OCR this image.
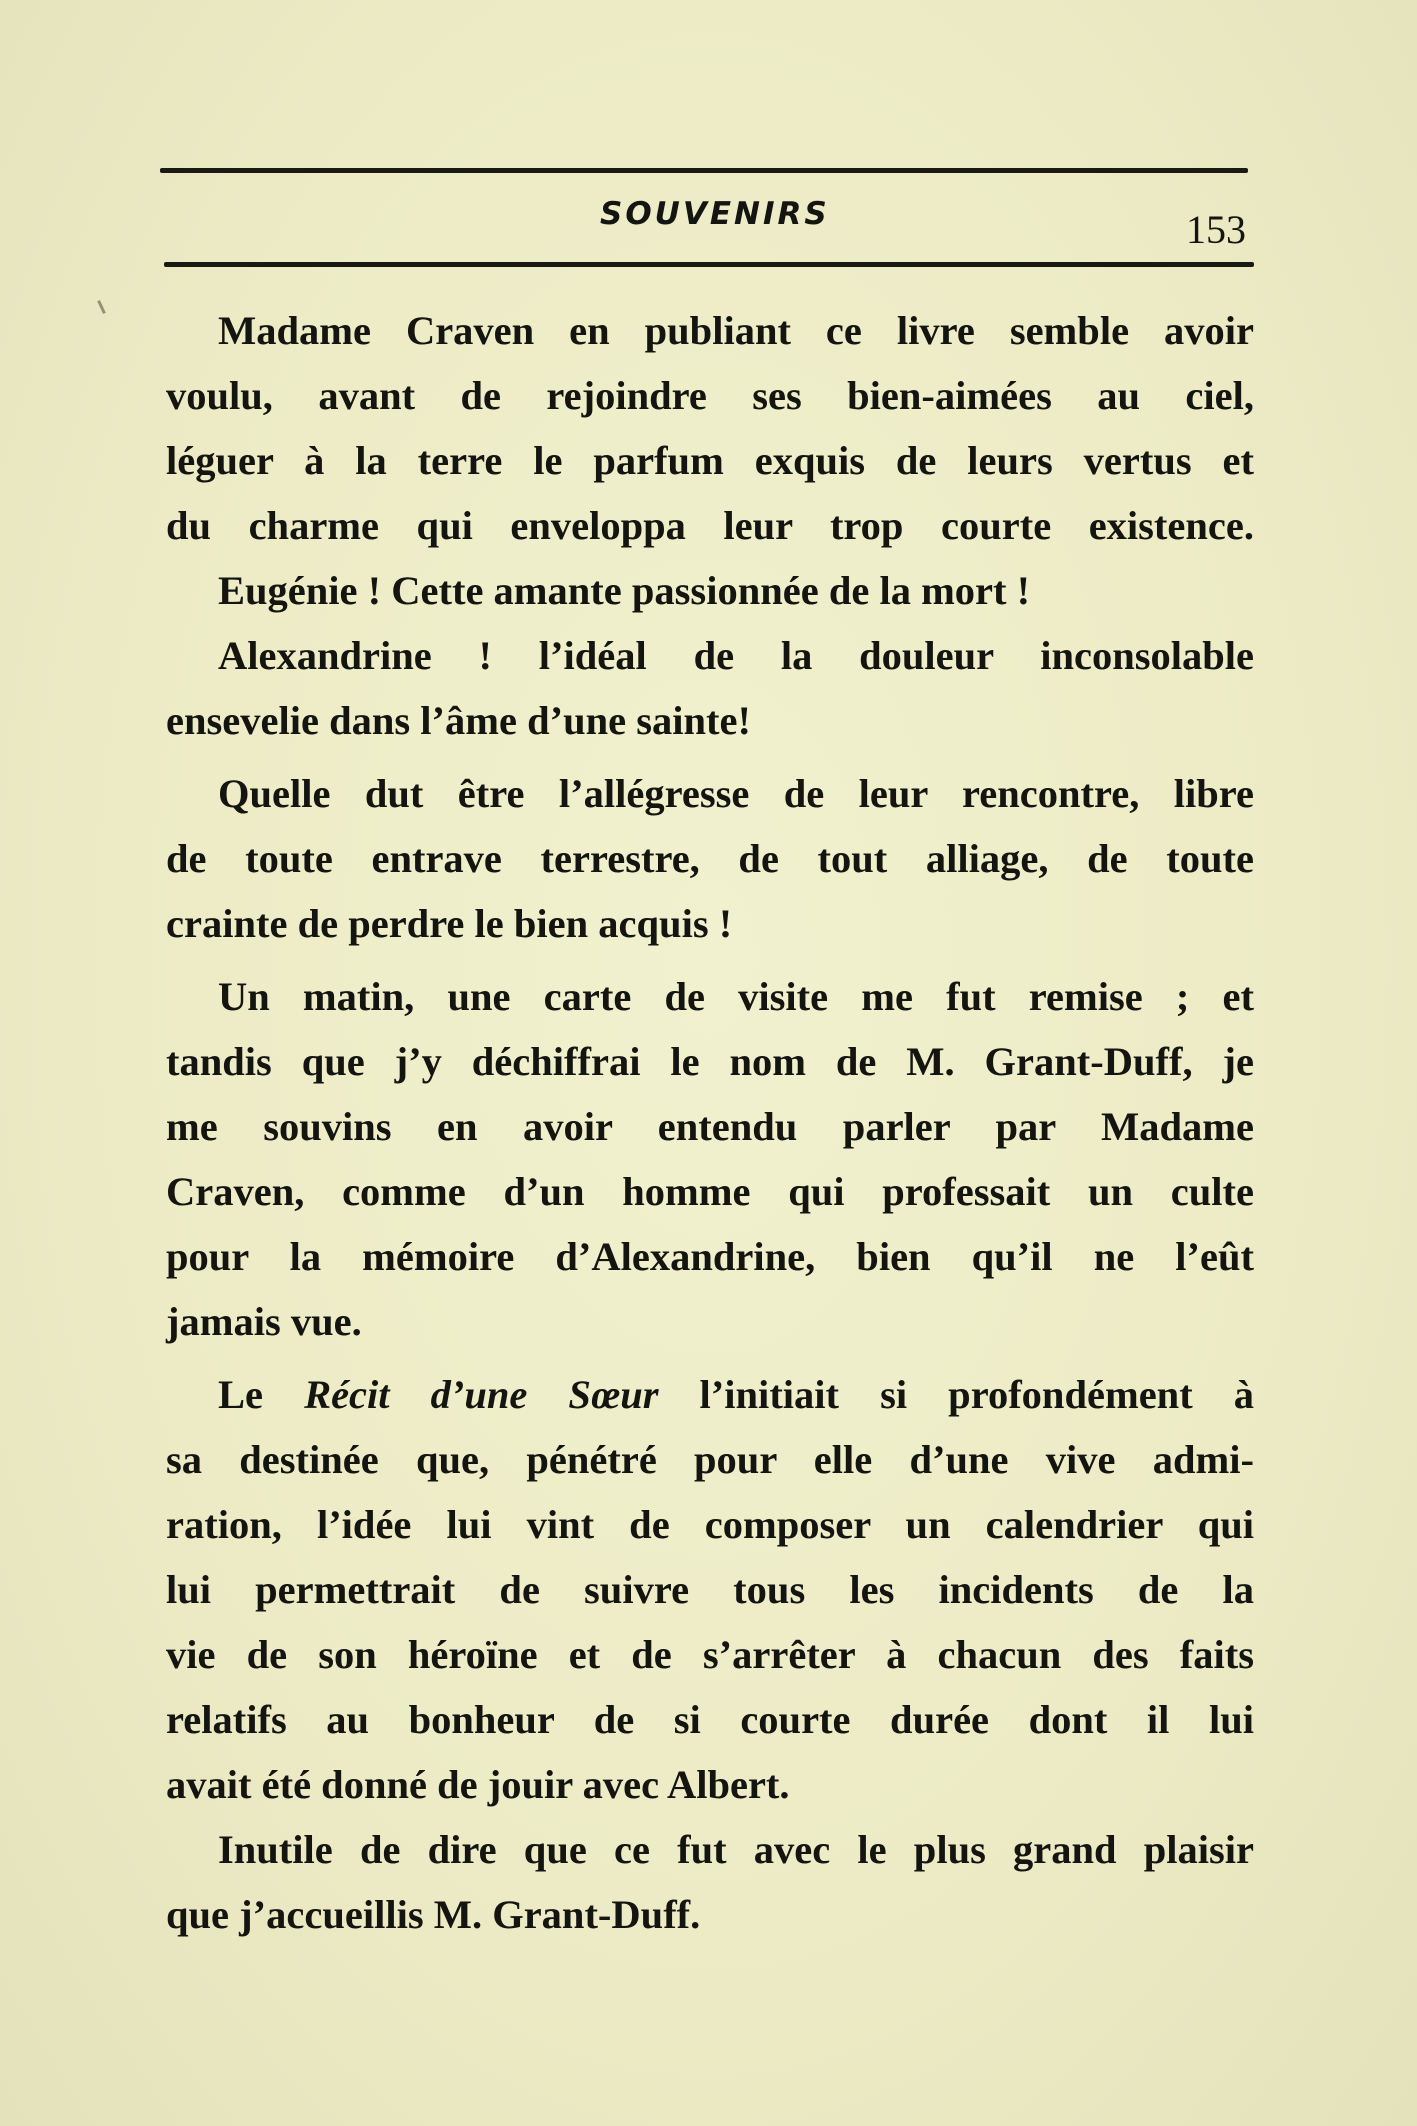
SOUVENIRS	153
Madame Craven en publiant ce livre semble avoir
voulu, avant de rejoindre ses bien-aimées au ciel,
léguer à la terre le parfum exquis de leurs vertus et
du charme qui enveloppa leur trop courte existence.
Eugénie ! Cette amante passionnée de la mort !
Alexandrine ! l’idéal de la douleur inconsolable
ensevelie dans l’âme d’une sainte!
Quelle dut être l’allégresse de leur rencontre, libre
de toute entrave terrestre, de tout alliage, de toute
crainte de perdre le bien acquis !
Un matin, une carte de visite me fut remise ; et
tandis que j’y déchiffrai le nom de M. Grant-Duff, je
me souvins en avoir entendu parler par Madame
Craven, comme d’un homme qui professait un culte
pour la mémoire d’Alexandrine, bien qu’il ne l’eût
jamais vue.
Le Récit d’une Sœur l’initiait si profondément à
sa destinée que, pénétré pour elle d’une vive admi-
ration, l’idée lui vint de composer un calendrier qui
lui permettrait de suivre tous les incidents de la
vie de son héroïne et de s’arrêter à chacun des faits
relatifs au bonheur de si courte durée dont il lui
avait été donné de jouir avec Albert.
Inutile de dire que ce fut avec le plus grand plaisir
que j’accueillis M. Grant-Duff.
